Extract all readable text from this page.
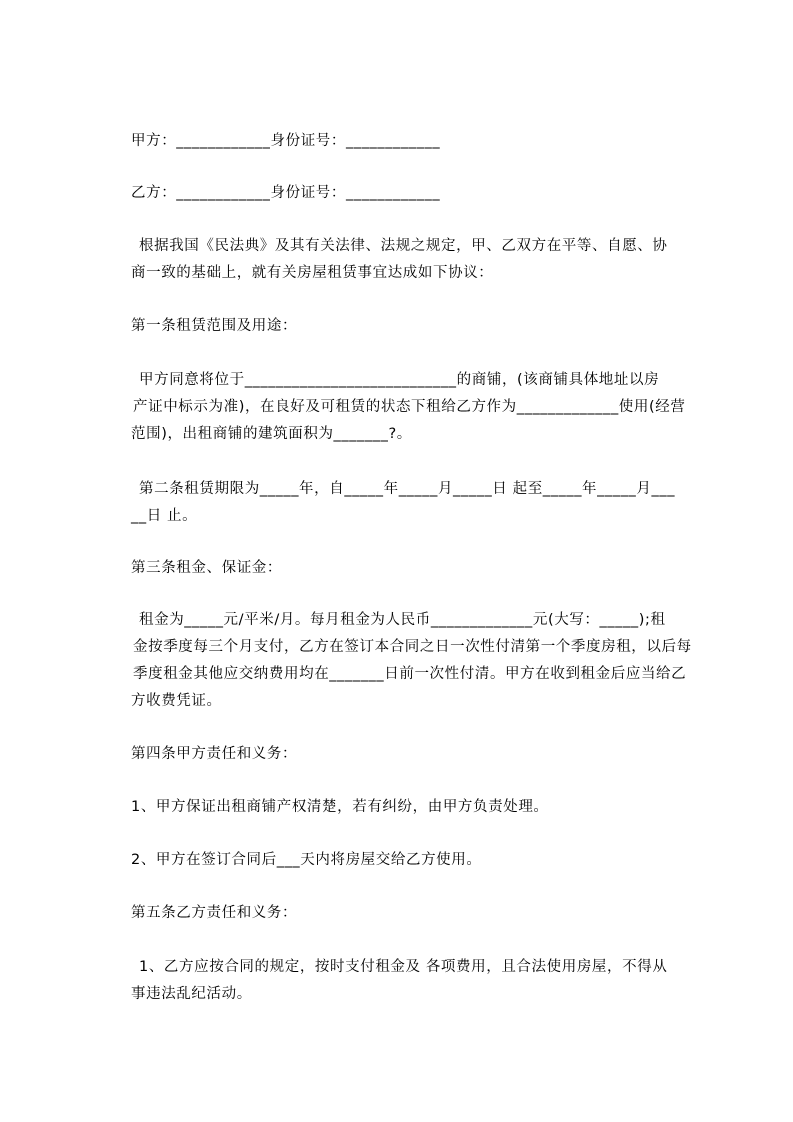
甲方：____________身份证号：____________

乙方：____________身份证号：____________

根据我国《民法典》及其有关法律、法规之规定，甲、乙双方在平等、自愿、协

商一致的基础上，就有关房屋租赁事宜达成如下协议：

第一条租赁范围及用途：

甲方同意将位于___________________________的商铺，(该商铺具体地址以房

产证中标示为准)，在良好及可租赁的状态下租给乙方作为_____________使用(经营

范围)，出租商铺的建筑面积为_______?。

第二条租赁期限为_____年，自_____年_____月_____日 起至_____年_____月___

__日 止。

第三条租金、保证金：

租金为_____元/平米/月。每月租金为人民币_____________元(大写：_____);租

金按季度每三个月支付，乙方在签订本合同之日一次性付清第一个季度房租，以后每

季度租金其他应交纳费用均在_______日前一次性付清。甲方在收到租金后应当给乙

方收费凭证。

第四条甲方责任和义务：

1、甲方保证出租商铺产权清楚，若有纠纷，由甲方负责处理。

2、甲方在签订合同后___天内将房屋交给乙方使用。

第五条乙方责任和义务：

1、乙方应按合同的规定，按时支付租金及 各项费用，且合法使用房屋，不得从

事违法乱纪活动。
